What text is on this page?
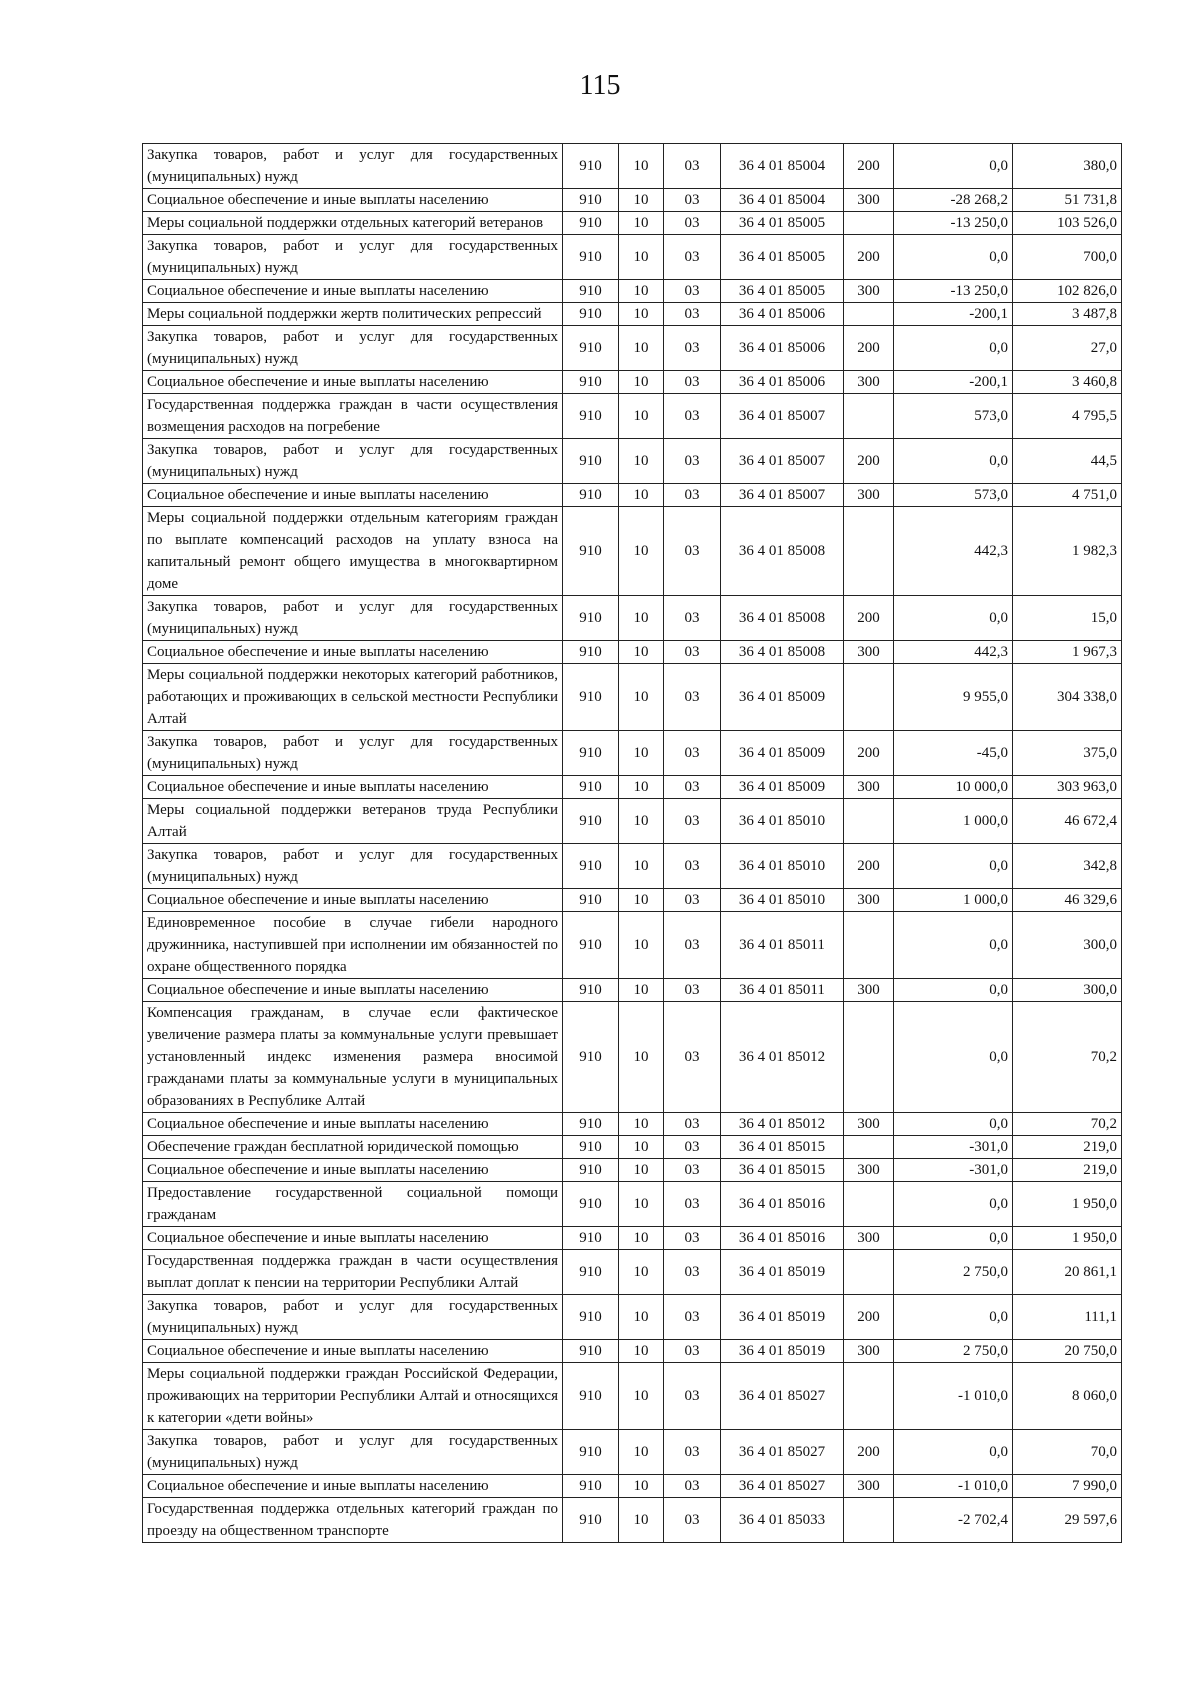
115
Закупка товаров, работ и услуг для государственных (муниципальных) нужд	910	10	03	36 4 01 85004	200	0,0	380,0
Социальное обеспечение и иные выплаты населению	910	10	03	36 4 01 85004	300	-28 268,2	51 731,8
Меры социальной поддержки отдельных категорий ветеранов	910	10	03	36 4 01 85005		-13 250,0	103 526,0
Закупка товаров, работ и услуг для государственных (муниципальных) нужд	910	10	03	36 4 01 85005	200	0,0	700,0
Социальное обеспечение и иные выплаты населению	910	10	03	36 4 01 85005	300	-13 250,0	102 826,0
Меры социальной поддержки жертв политических репрессий	910	10	03	36 4 01 85006		-200,1	3 487,8
Закупка товаров, работ и услуг для государственных (муниципальных) нужд	910	10	03	36 4 01 85006	200	0,0	27,0
Социальное обеспечение и иные выплаты населению	910	10	03	36 4 01 85006	300	-200,1	3 460,8
Государственная поддержка граждан в части осуществления возмещения расходов на погребение	910	10	03	36 4 01 85007		573,0	4 795,5
Закупка товаров, работ и услуг для государственных (муниципальных) нужд	910	10	03	36 4 01 85007	200	0,0	44,5
Социальное обеспечение и иные выплаты населению	910	10	03	36 4 01 85007	300	573,0	4 751,0
Меры социальной поддержки отдельным категориям граждан по выплате компенсаций расходов на уплату взноса на капитальный ремонт общего имущества в многоквартирном доме	910	10	03	36 4 01 85008		442,3	1 982,3
Закупка товаров, работ и услуг для государственных (муниципальных) нужд	910	10	03	36 4 01 85008	200	0,0	15,0
Социальное обеспечение и иные выплаты населению	910	10	03	36 4 01 85008	300	442,3	1 967,3
Меры социальной поддержки некоторых категорий работников, работающих и проживающих в сельской местности Республики Алтай	910	10	03	36 4 01 85009		9 955,0	304 338,0
Закупка товаров, работ и услуг для государственных (муниципальных) нужд	910	10	03	36 4 01 85009	200	-45,0	375,0
Социальное обеспечение и иные выплаты населению	910	10	03	36 4 01 85009	300	10 000,0	303 963,0
Меры социальной поддержки ветеранов труда Республики Алтай	910	10	03	36 4 01 85010		1 000,0	46 672,4
Закупка товаров, работ и услуг для государственных (муниципальных) нужд	910	10	03	36 4 01 85010	200	0,0	342,8
Социальное обеспечение и иные выплаты населению	910	10	03	36 4 01 85010	300	1 000,0	46 329,6
Единовременное пособие в случае гибели народного дружинника, наступившей при исполнении им обязанностей по охране общественного порядка	910	10	03	36 4 01 85011		0,0	300,0
Социальное обеспечение и иные выплаты населению	910	10	03	36 4 01 85011	300	0,0	300,0
Компенсация гражданам, в случае если фактическое увеличение размера платы за коммунальные услуги превышает установленный индекс изменения размера вносимой гражданами платы за коммунальные услуги в муниципальных образованиях в Республике Алтай	910	10	03	36 4 01 85012		0,0	70,2
Социальное обеспечение и иные выплаты населению	910	10	03	36 4 01 85012	300	0,0	70,2
Обеспечение граждан бесплатной юридической помощью	910	10	03	36 4 01 85015		-301,0	219,0
Социальное обеспечение и иные выплаты населению	910	10	03	36 4 01 85015	300	-301,0	219,0
Предоставление государственной социальной помощи гражданам	910	10	03	36 4 01 85016		0,0	1 950,0
Социальное обеспечение и иные выплаты населению	910	10	03	36 4 01 85016	300	0,0	1 950,0
Государственная поддержка граждан в части осуществления выплат доплат к пенсии на территории Республики Алтай	910	10	03	36 4 01 85019		2 750,0	20 861,1
Закупка товаров, работ и услуг для государственных (муниципальных) нужд	910	10	03	36 4 01 85019	200	0,0	111,1
Социальное обеспечение и иные выплаты населению	910	10	03	36 4 01 85019	300	2 750,0	20 750,0
Меры социальной поддержки граждан Российской Федерации, проживающих на территории Республики Алтай и относящихся к категории «дети войны»	910	10	03	36 4 01 85027		-1 010,0	8 060,0
Закупка товаров, работ и услуг для государственных (муниципальных) нужд	910	10	03	36 4 01 85027	200	0,0	70,0
Социальное обеспечение и иные выплаты населению	910	10	03	36 4 01 85027	300	-1 010,0	7 990,0
Государственная поддержка отдельных категорий граждан по проезду на общественном транспорте	910	10	03	36 4 01 85033		-2 702,4	29 597,6
